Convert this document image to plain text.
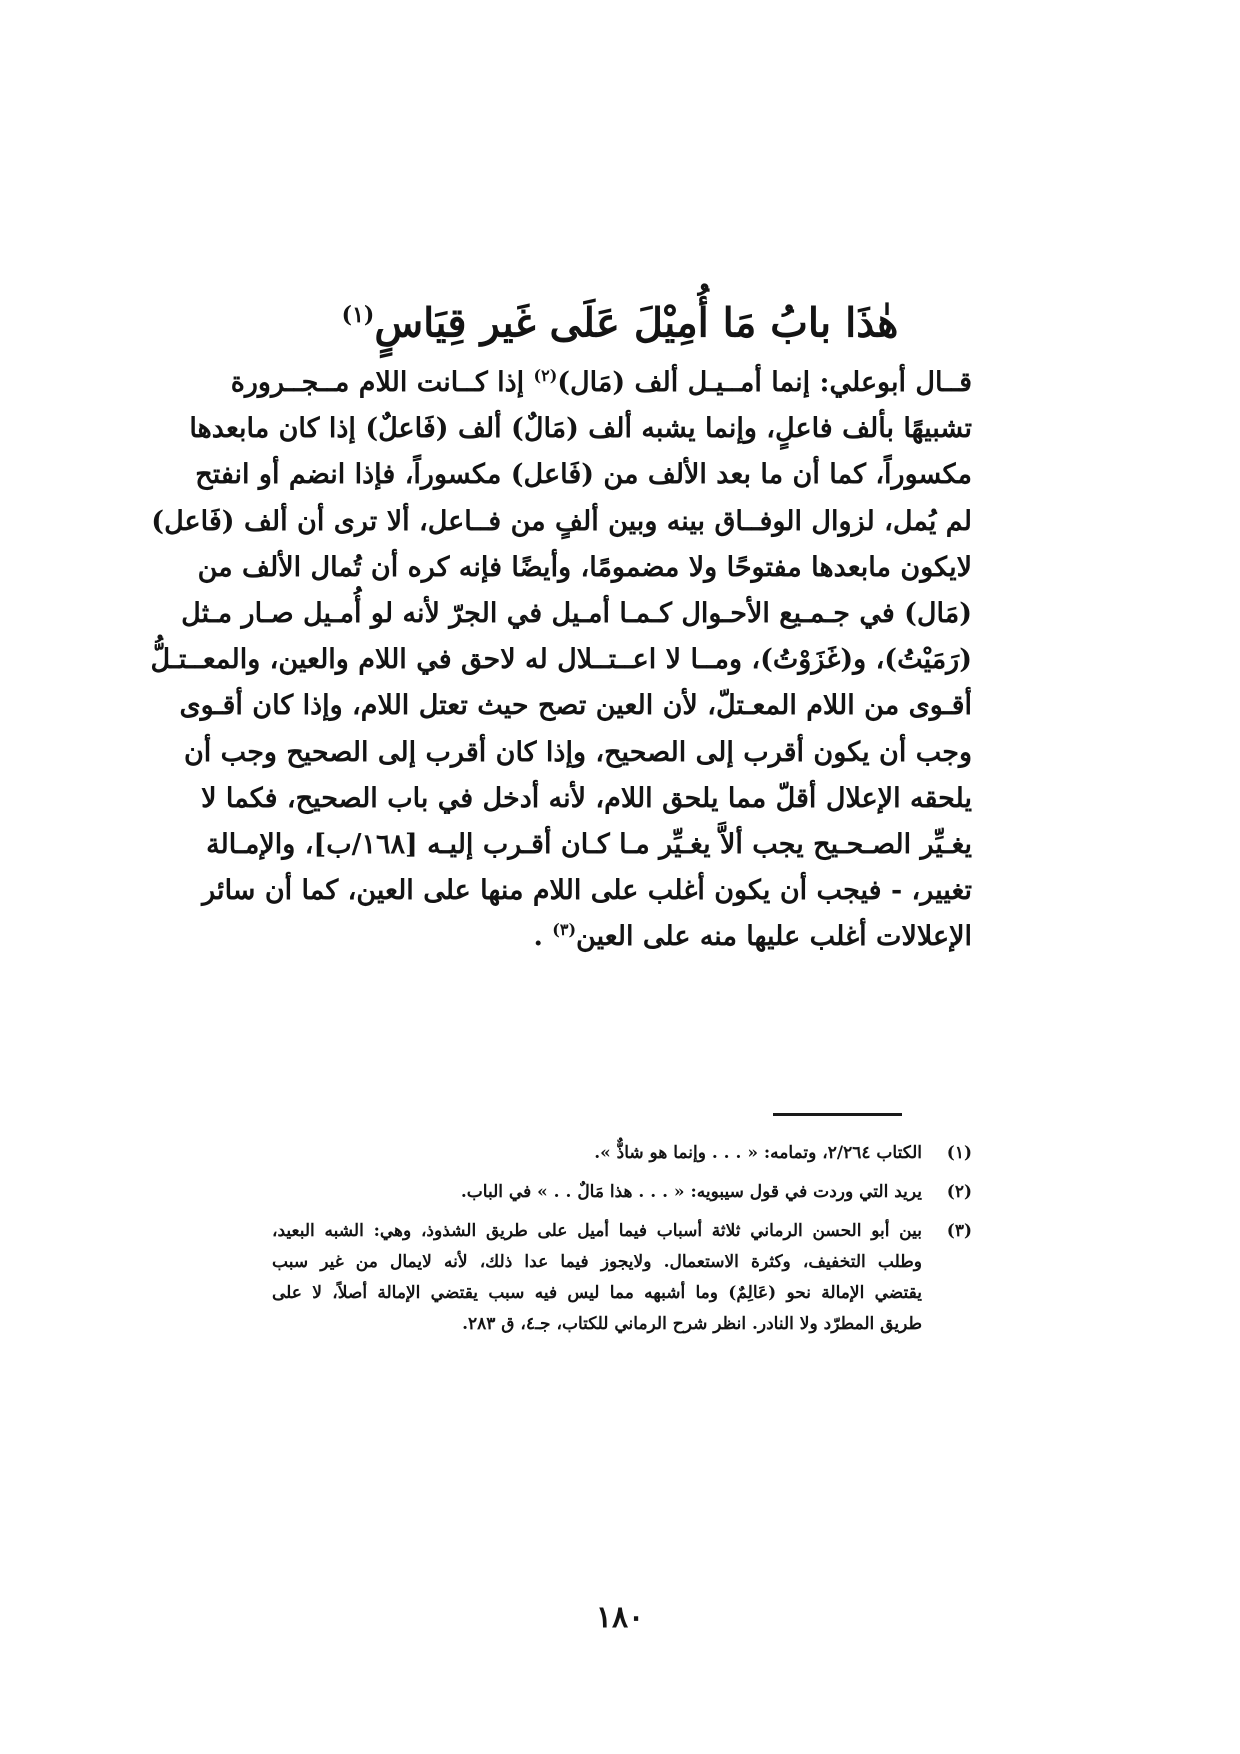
هٰذَا بابُ مَا أُمِيْلَ عَلَى غَير قِيَاسٍ$^{(١)}$

قــال أبوعلي: إنما أمــيـل ألف (مَال)$^{(٢)}$ إذا كــانت اللام مــجــرورة
تشبيهًا بألف فاعلٍ، وإنما يشبه ألف (مَالٌ) ألف (فَاعلٌ) إذا كان مابعدها
مكسوراً، كما أن ما بعد الألف من (فَاعل) مكسوراً، فإذا انضم أو انفتح
لم يُمل، لزوال الوفــاق بينه وبين ألفٍ من فــاعل، ألا ترى أن ألف (فَاعل)
لايكون مابعدها مفتوحًا ولا مضمومًا، وأيضًا فإنه كره أن تُمال الألف من
(مَال) في جـمـيع الأحـوال كـمـا أمـيل في الجرّ لأنه لو أُمـيل صـار مـثل
(رَمَيْتُ)، و(غَزَوْتُ)، ومــا لا اعــتــلال له لاحق في اللام والعين، والمعــتـلُّ
أقـوى من اللام المعـتلّ، لأن العين تصح حيث تعتل اللام، وإذا كان أقـوى
وجب أن يكون أقرب إلى الصحيح، وإذا كان أقرب إلى الصحيح وجب أن
يلحقه الإعلال أقلّ مما يلحق اللام، لأنه أدخل في باب الصحيح، فكما لا
يغـيِّر الصـحـيح يجب ألاَّ يغـيِّر مـا كـان أقـرب إليـه [١٦٨/ب]، والإمـالة
تغيير، - فيجب أن يكون أغلب على اللام منها على العين، كما أن سائر
الإعلالات أغلب عليها منه على العين$^{(٣)}$ .

(١)
الكتاب ٢/٢٦٤، وتمامه: « . . . وإنما هو شاذٌّ ».
(٢)
يريد التي وردت في قول سيبويه: « . . . هذا مَالٌ . . » في الباب.
(٣)
بين أبو الحسن الرماني ثلاثة أسباب فيما أميل على طريق الشذوذ، وهي: الشبه البعيد،
وطلب التخفيف، وكثرة الاستعمال. ولايجوز فيما عدا ذلك، لأنه لايمال من غير سبب
يقتضي الإمالة نحو (عَالِمٌ) وما أشبهه مما ليس فيه سبب يقتضي الإمالة أصلاً، لا على
طريق المطرّد ولا النادر. انظر شرح الرماني للكتاب، جـ٤، ق ٢٨٣.
١٨٠
